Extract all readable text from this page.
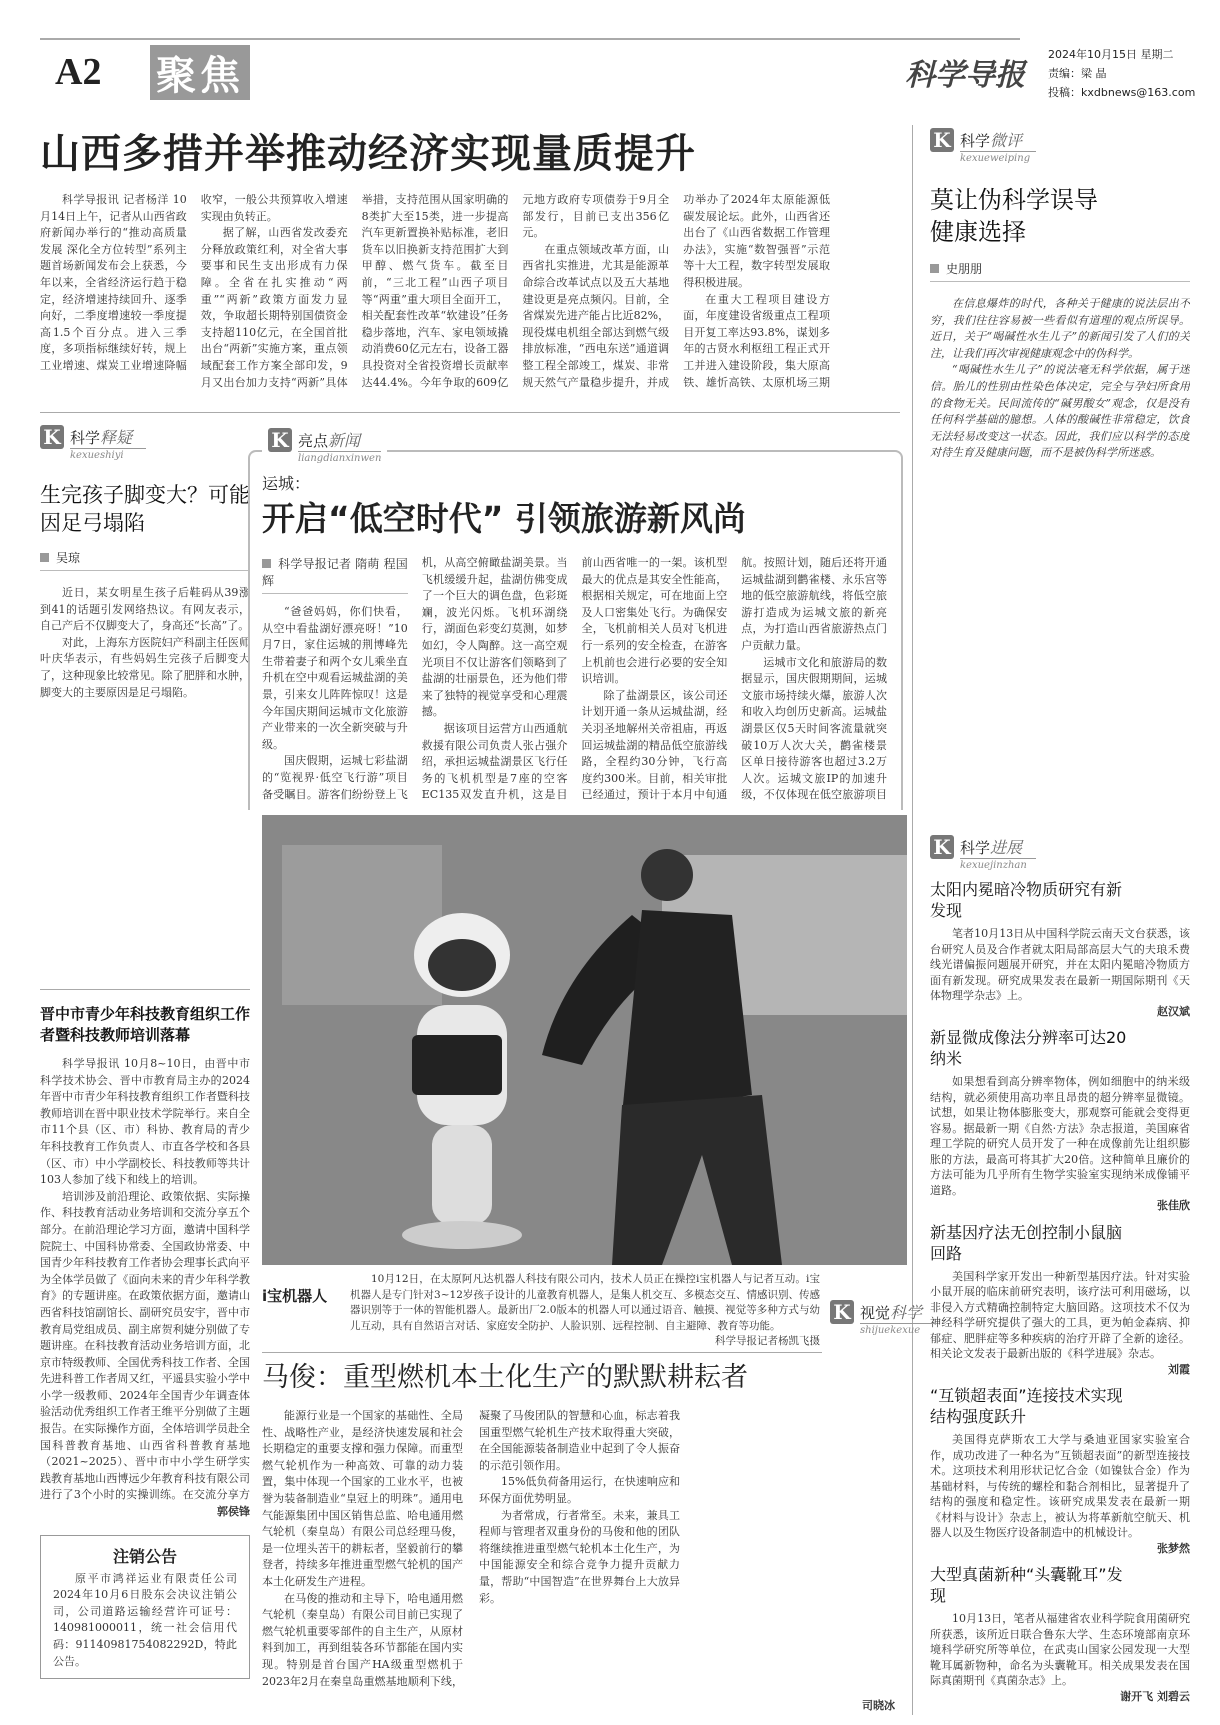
A2 聚焦	科学导报
2024年10月15日 星期二
责编：梁 晶
投稿：kxdbnews@163.com
山西多措并举推动经济实现量质提升

科学导报讯 记者杨洋 10月14日上午，记者从山西省政府新闻办举行的“推动高质量发展 深化全方位转型”系列主题首场新闻发布会上获悉，今年以来，全省经济运行趋于稳定，经济增速持续回升、逐季向好，二季度增速较一季度提高1.5个百分点。进入三季度，多项指标继续好转，规上工业增速、煤炭工业增速降幅收窄，一般公共预算收入增速实现由负转正。

据了解，山西省发改委充分释放政策红利，对全省大事要事和民生支出形成有力保障。全省在扎实推动“两重”“两新”政策方面发力显效，争取超长期特别国债资金支持超110亿元，在全国首批出台“两新”实施方案，重点领域配套工作方案全部印发，9月又出台加力支持“两新”具体举措，支持范围从国家明确的8类扩大至15类，进一步提高汽车更新置换补贴标准，老旧货车以旧换新支持范围扩大到甲醇、燃气货车。截至目前，“三北工程”山西子项目等“两重”重大项目全面开工，相关配套性改革“软建设”任务稳步落地，汽车、家电领域撬动消费60亿元左右，设备工器具投资对全省投资增长贡献率达44.4%。今年争取的609亿元地方政府专项债券于9月全部发行，目前已支出356亿元。

在重点领域改革方面，山西省扎实推进，尤其是能源革命综合改革试点以及五大基地建设更是亮点频闪。目前，全省煤炭先进产能占比近82%，现役煤电机组全部达到燃气级排放标准，“西电东送”通道调整工程全部竣工，煤炭、非常规天然气产量稳步提升，并成功举办了2024年太原能源低碳发展论坛。此外，山西省还出台了《山西省数据工作管理办法》，实施“数智强晋”示范等十大工程，数字转型发展取得积极进展。

在重大工程项目建设方面，年度建设省级重点工程项目开复工率达93.8%，谋划多年的古贤水利枢纽工程正式开工并进入建设阶段，集大原高铁、雄忻高铁、太原机场三期

K 科学微评
kexueweiping
莫让伪科学误导健康选择
史朋朋

在信息爆炸的时代，各种关于健康的说法层出不穷，我们往往容易被一些看似有道理的观点所误导。近日，关于“喝碱性水生儿子”的新闻引发了人们的关注，让我们再次审视健康观念中的伪科学。

“喝碱性水生儿子”的说法毫无科学依据，属于迷信。胎儿的性别由性染色体决定，完全与孕妇所食用的食物无关。民间流传的“碱男酸女”观念，仅是没有任何科学基础的臆想。人体的酸碱性非常稳定，饮食无法轻易改变这一状态。因此，我们应以科学的态度对待生育及健康问题，而不是被伪科学所迷惑。

K 科学进展
kexuejinzhan
太阳内冕暗冷物质研究有新发现

笔者10月13日从中国科学院云南天文台获悉，该台研究人员及合作者就太阳局部高层大气的夫琅禾费线光谱偏振问题展开研究，并在太阳内冕暗冷物质方面有新发现。研究成果发表在最新一期国际期刊《天体物理学杂志》上。

赵汉斌
新显微成像法分辨率可达20纳米

如果想看到高分辨率物体，例如细胞中的纳米级结构，就必须使用高功率且昂贵的超分辨率显微镜。试想，如果让物体膨胀变大，那观察可能就会变得更容易。据最新一期《自然·方法》杂志报道，美国麻省理工学院的研究人员开发了一种在成像前先让组织膨胀的方法，最高可将其扩大20倍。这种简单且廉价的方法可能为几乎所有生物学实验室实现纳米成像铺平道路。

张佳欣
新基因疗法无创控制小鼠脑回路

美国科学家开发出一种新型基因疗法。针对实验小鼠开展的临床前研究表明，该疗法可利用磁场，以非侵入方式精确控制特定大脑回路。这项技术不仅为神经科学研究提供了强大的工具，更为帕金森病、抑郁症、肥胖症等多种疾病的治疗开辟了全新的途径。相关论文发表于最新出版的《科学进展》杂志。

刘霞
“互锁超表面”连接技术实现结构强度跃升

美国得克萨斯农工大学与桑迪亚国家实验室合作，成功改进了一种名为“互锁超表面”的新型连接技术。这项技术利用形状记忆合金（如镍钛合金）作为基础材料，与传统的螺栓和黏合剂相比，显著提升了结构的强度和稳定性。该研究成果发表在最新一期《材料与设计》杂志上，被认为将革新航空航天、机器人以及生物医疗设备制造中的机械设计。

张梦然
大型真菌新种“头囊靴耳”发现

10月13日，笔者从福建省农业科学院食用菌研究所获悉，该所近日联合鲁东大学、生态环境部南京环境科学研究所等单位，在武夷山国家公园发现一大型靴耳属新物种，命名为头囊靴耳。相关成果发表在国际真菌期刊《真菌杂志》上。

谢开飞 刘碧云
K 科学释疑
kexueshiyi
生完孩子脚变大？可能因足弓塌陷
吴琼

近日，某女明星生孩子后鞋码从39涨到41的话题引发网络热议。有网友表示，自己产后不仅脚变大了，身高还“长高”了。

对此，上海东方医院妇产科副主任医师叶庆华表示，有些妈妈生完孩子后脚变大了，这种现象比较常见。除了肥胖和水肿，脚变大的主要原因是足弓塌陷。

晋中市青少年科技教育组织工作者暨科技教师培训落幕

科学导报讯 10月8~10日，由晋中市科学技术协会、晋中市教育局主办的2024年晋中市青少年科技教育组织工作者暨科技教师培训在晋中职业技术学院举行。来自全市11个县（区、市）科协、教育局的青少年科技教育工作负责人、市直各学校和各县（区、市）中小学副校长、科技教师等共计103人参加了线下和线上的培训。

培训涉及前沿理论、政策依据、实际操作、科技教育活动业务培训和交流分享五个部分。在前沿理论学习方面，邀请中国科学院院士、中国科协常委、全国政协常委、中国青少年科技教育工作者协会理事长武向平为全体学员做了《面向未来的青少年科学教育》的专题讲座。在政策依据方面，邀请山西省科技馆副馆长、副研究员安宇，晋中市教育局党组成员、副主席贺利婕分别做了专题讲座。在科技教育活动业务培训方面，北京市特级教师、全国优秀科技工作者、全国先进科普工作者周又红，平遥县实验小学中小学一级教师、2024年全国青少年调查体验活动优秀组织工作者王维平分别做了主题报告。在实际操作方面，全体培训学员赴全国科普教育基地、山西省科普教育基地（2021~2025）、晋中市中小学生研学实践教育基地山西博远少年教育科技有限公司进行了3个小时的实操训练。在交流分享方

郭侯锋
注销公告
原平市鸿祥运业有限责任公司2024年10月6日股东会决议注销公司，公司道路运输经营许可证号：140981000011，统一社会信用代码：91140981754082292D，特此公告。
K 亮点新闻
liangdianxinwen
运城：
开启“低空时代” 引领旅游新风尚
科学导报记者 隋萌 程国辉

“爸爸妈妈，你们快看，从空中看盐湖好漂亮呀！”10月7日，家住运城的荆博峰先生带着妻子和两个女儿乘坐直升机在空中观看运城盐湖的美景，引来女儿阵阵惊叹！这是今年国庆期间运城市文化旅游产业带来的一次全新突破与升级。

国庆假期，运城七彩盐湖的“览视界·低空飞行游”项目备受瞩目。游客们纷纷登上飞机，从高空俯瞰盐湖美景。当飞机缓缓升起，盐湖仿佛变成了一个巨大的调色盘，色彩斑斓，波光闪烁。飞机环湖绕行，湖面色彩变幻莫测，如梦如幻，令人陶醉。这一高空观光项目不仅让游客们领略到了盐湖的壮丽景色，还为他们带来了独特的视觉享受和心理震撼。

据该项目运营方山西通航救援有限公司负责人张占强介绍，承担运城盐湖景区飞行任务的飞机机型是7座的空客EC135双发直升机，这是目前山西省唯一的一架。该机型最大的优点是其安全性能高，根据相关规定，可在地面上空及人口密集处飞行。为确保安全，飞机前相关人员对飞机进行一系列的安全检查，在游客上机前也会进行必要的安全知识培训。

除了盐湖景区，该公司还计划开通一条从运城盐湖，经关羽圣地解州关帝祖庙，再返回运城盐湖的精品低空旅游线路，全程约30分钟，飞行高度约300米。目前，相关审批已经通过，预计于本月中旬通航。按照计划，随后还将开通运城盐湖到鹳雀楼、永乐宫等地的低空旅游航线，将低空旅游打造成为运城文旅的新亮点，为打造山西省旅游热点门户贡献力量。

运城市文化和旅游局的数据显示，国庆假期期间，运城文旅市场持续火爆，旅游人次和收入均创历史新高。运城盐湖景区仅5天时间客流量就突破10万人次大关，鹳雀楼景区单日接待游客也超过3.2万人次。运城文旅IP的加速升级，不仅体现在低空旅游项目

i宝机器人

10月12日，在太原阿凡达机器人科技有限公司内，技术人员正在操控i宝机器人与记者互动。i宝机器人是专门针对3~12岁孩子设计的儿童教育机器人，是集人机交互、多模态交互、情感识别、传感器识别等于一体的智能机器人。最新出厂2.0版本的机器人可以通过语音、触摸、视觉等多种方式与幼儿互动，具有自然语言对话、家庭安全防护、人脸识别、远程控制、自主避障、教育等功能。

科学导报记者杨凯飞摄
K 视觉科学
shijuekexue
马俊：重型燃机本土化生产的默默耕耘者

能源行业是一个国家的基础性、全局性、战略性产业，是经济快速发展和社会长期稳定的重要支撑和强力保障。而重型燃气轮机作为一种高效、可靠的动力装置，集中体现一个国家的工业水平，也被誉为装备制造业“皇冠上的明珠”。通用电气能源集团中国区销售总监、哈电通用燃气轮机（秦皇岛）有限公司总经理马俊，是一位埋头苦干的耕耘者，坚毅前行的攀登者，持续多年推进重型燃气轮机的国产本土化研发生产进程。

在马俊的推动和主导下，哈电通用燃气轮机（秦皇岛）有限公司目前已实现了燃气轮机重要零部件的自主生产，从原材料到加工，再到组装各环节都能在国内实现。特别是首台国产HA级重型燃机于2023年2月在秦皇岛重燃基地顺利下线，凝聚了马俊团队的智慧和心血，标志着我国重型燃气轮机生产技术取得重大突破，在全国能源装备制造业中起到了令人振奋的示范引领作用。

15%低负荷备用运行，在快速响应和环保方面优势明显。

为者常成，行者常至。未来，兼具工程师与管理者双重身份的马俊和他的团队将继续推进重型燃气轮机本土化生产，为中国能源安全和综合竞争力提升贡献力量，帮助“中国智造”在世界舞台上大放异彩。

司晓冰
